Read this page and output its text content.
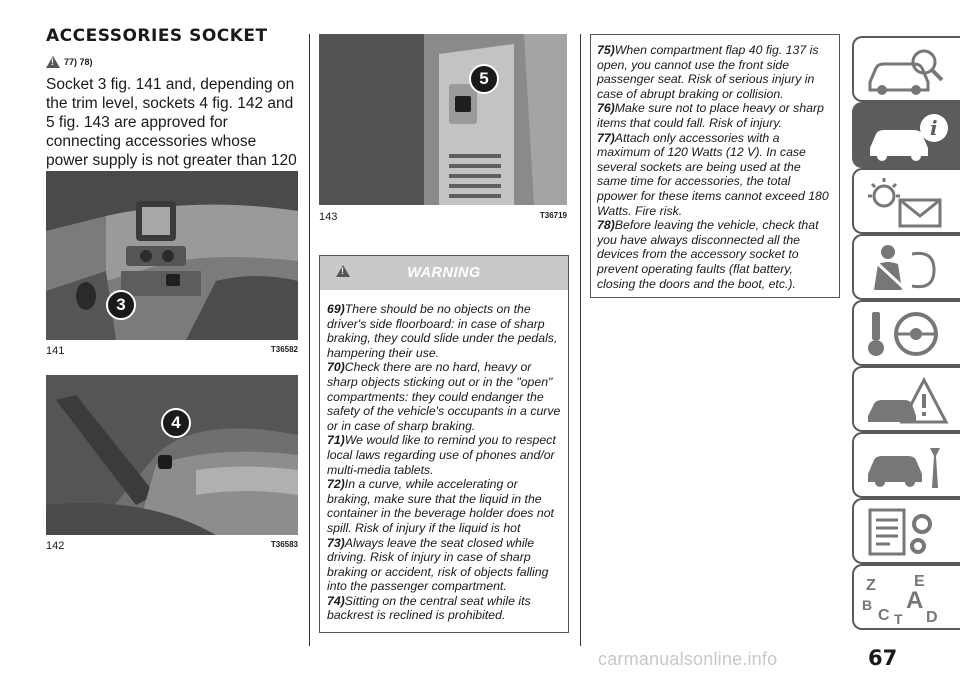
ACCESSORIES SOCKET
!
77) 78)
Socket 3 fig. 141 and, depending on the trim level, sockets 4 fig. 142 and 5 fig. 143 are approved for connecting accessories whose power supply is not greater than 120
3
141	T36582
4
142	T36583
5
143	T36719
!
WARNING
69)There should be no objects on the driver's side floorboard: in case of sharp braking, they could slide under the pedals, hampering their use.
70)Check there are no hard, heavy or sharp objects sticking out or in the "open" compartments: they could endanger the safety of the vehicle's occupants in a curve or in case of sharp braking.
71)We would like to remind you to respect local laws regarding use of phones and/or multi-media tablets.
72)In a curve, while accelerating or braking, make sure that the liquid in the container in the beverage holder does not spill. Risk of injury if the liquid is hot
73)Always leave the seat closed while driving. Risk of injury in case of sharp braking or accident, risk of objects falling into the passenger compartment.
74)Sitting on the central seat while its backrest is reclined is prohibited.
75)When compartment flap 40 fig. 137 is open, you cannot use the front side passenger seat. Risk of serious injury in case of abrupt braking or collision.
76)Make sure not to place heavy or sharp items that could fall. Risk of injury.
77)Attach only accessories with a maximum of 120 Watts (12 V). In case several sockets are being used at the same time for accessories, the total ppower for these items cannot exceed 180 Watts. Fire risk.
78)Before leaving the vehicle, check that you have always disconnected all the devices from the accessory socket to prevent operating faults (flat battery, closing the doors and the boot, etc.).
i
Z E
B A
C T D
carmanualsonline.info	67
